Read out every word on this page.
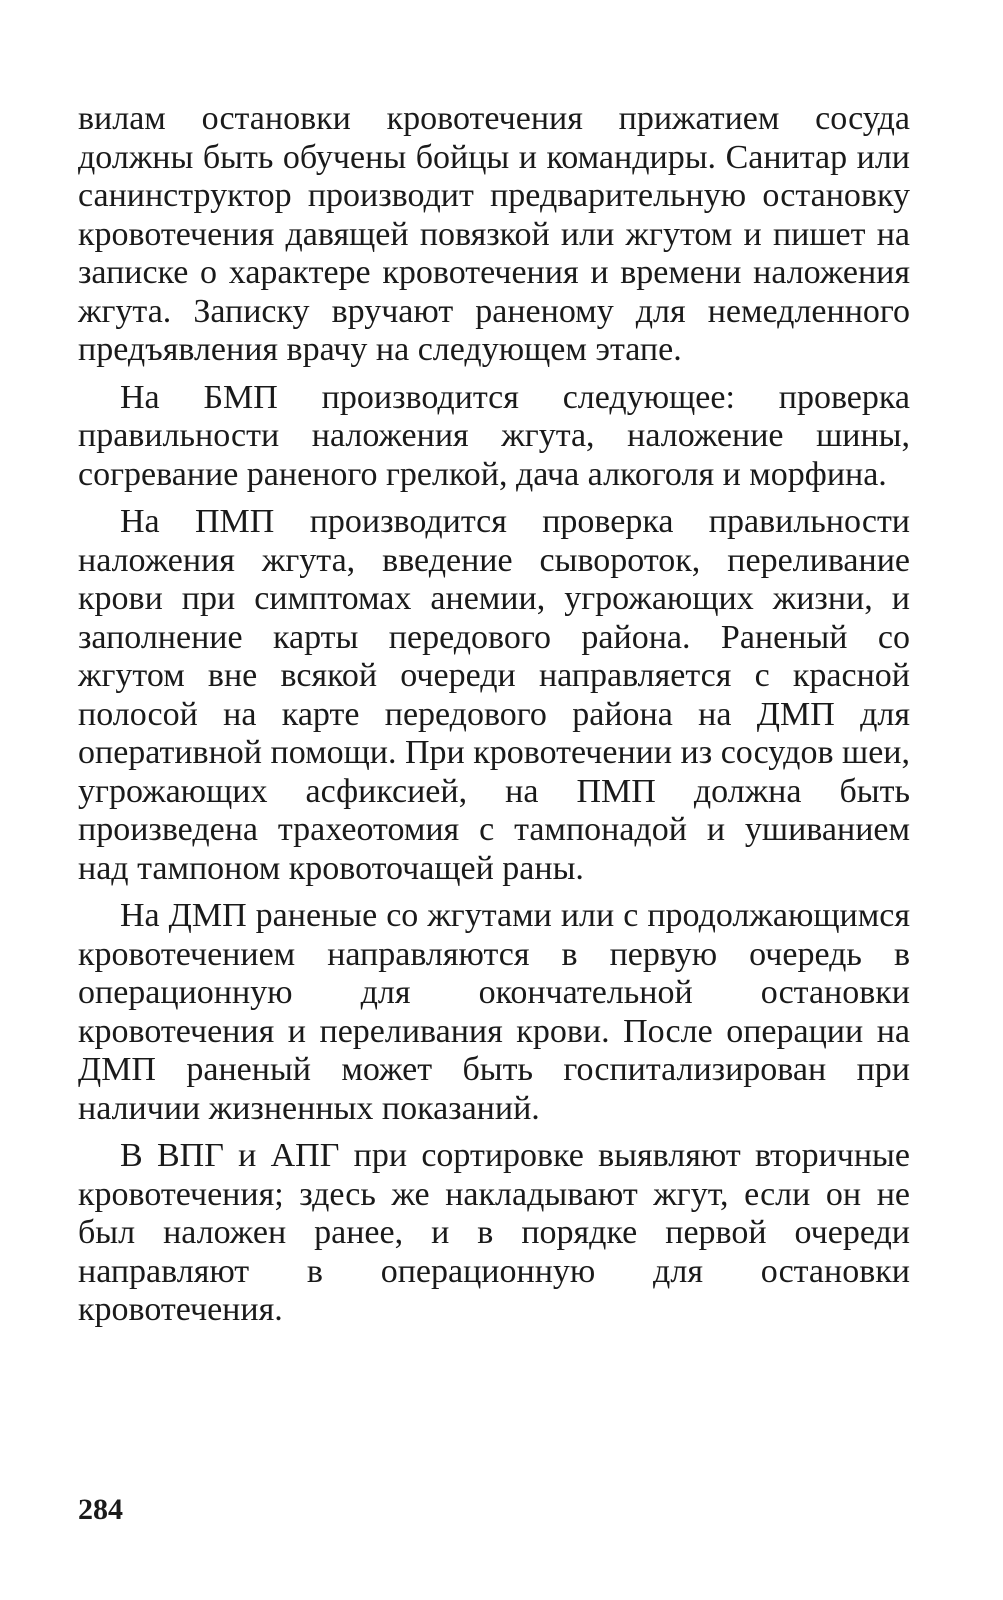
вилам остановки кровотечения прижатием сосуда должны быть обучены бойцы и командиры. Санитар или санинструктор производит предварительную остановку кровотечения давящей повязкой или жгутом и пишет на записке о характере кровотечения и времени наложения жгута. Записку вручают раненому для немедленного предъявления врачу на следующем этапе.

На БМП производится следующее: проверка правильности наложения жгута, наложение шины, согревание раненого грелкой, дача алкоголя и морфина.

На ПМП производится проверка правильности наложения жгута, введение сывороток, переливание крови при симптомах анемии, угрожающих жизни, и заполнение карты передового района. Раненый со жгутом вне всякой очереди направляется с красной полосой на карте передового района на ДМП для оперативной помощи. При кровотечении из сосудов шеи, угрожающих асфиксией, на ПМП должна быть произведена трахеотомия с тампонадой и ушиванием над тампоном кровоточащей раны.

На ДМП раненые со жгутами или с продолжающимся кровотечением направляются в первую очередь в операционную для окончательной остановки кровотечения и переливания крови. После операции на ДМП раненый может быть госпитализирован при наличии жизненных показаний.

В ВПГ и АПГ при сортировке выявляют вторичные кровотечения; здесь же накладывают жгут, если он не был наложен ранее, и в порядке первой очереди направляют в операционную для остановки кровотечения.

284
